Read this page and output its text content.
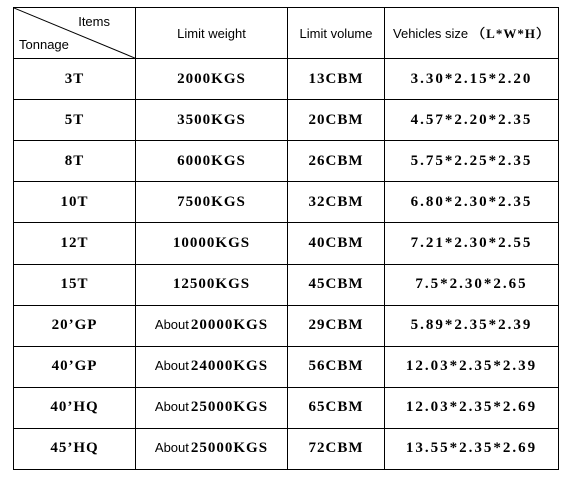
Items
Tonnage	Limit weight	Limit volume	Vehicles size （L*W*H）
3T	2000KGS	13CBM	3.30*2.15*2.20
5T	3500KGS	20CBM	4.57*2.20*2.35
8T	6000KGS	26CBM	5.75*2.25*2.35
10T	7500KGS	32CBM	6.80*2.30*2.35
12T	10000KGS	40CBM	7.21*2.30*2.55
15T	12500KGS	45CBM	7.5*2.30*2.65
20’GP	About 20000KGS	29CBM	5.89*2.35*2.39
40’GP	About 24000KGS	56CBM	12.03*2.35*2.39
40’HQ	About 25000KGS	65CBM	12.03*2.35*2.69
45’HQ	About 25000KGS	72CBM	13.55*2.35*2.69
